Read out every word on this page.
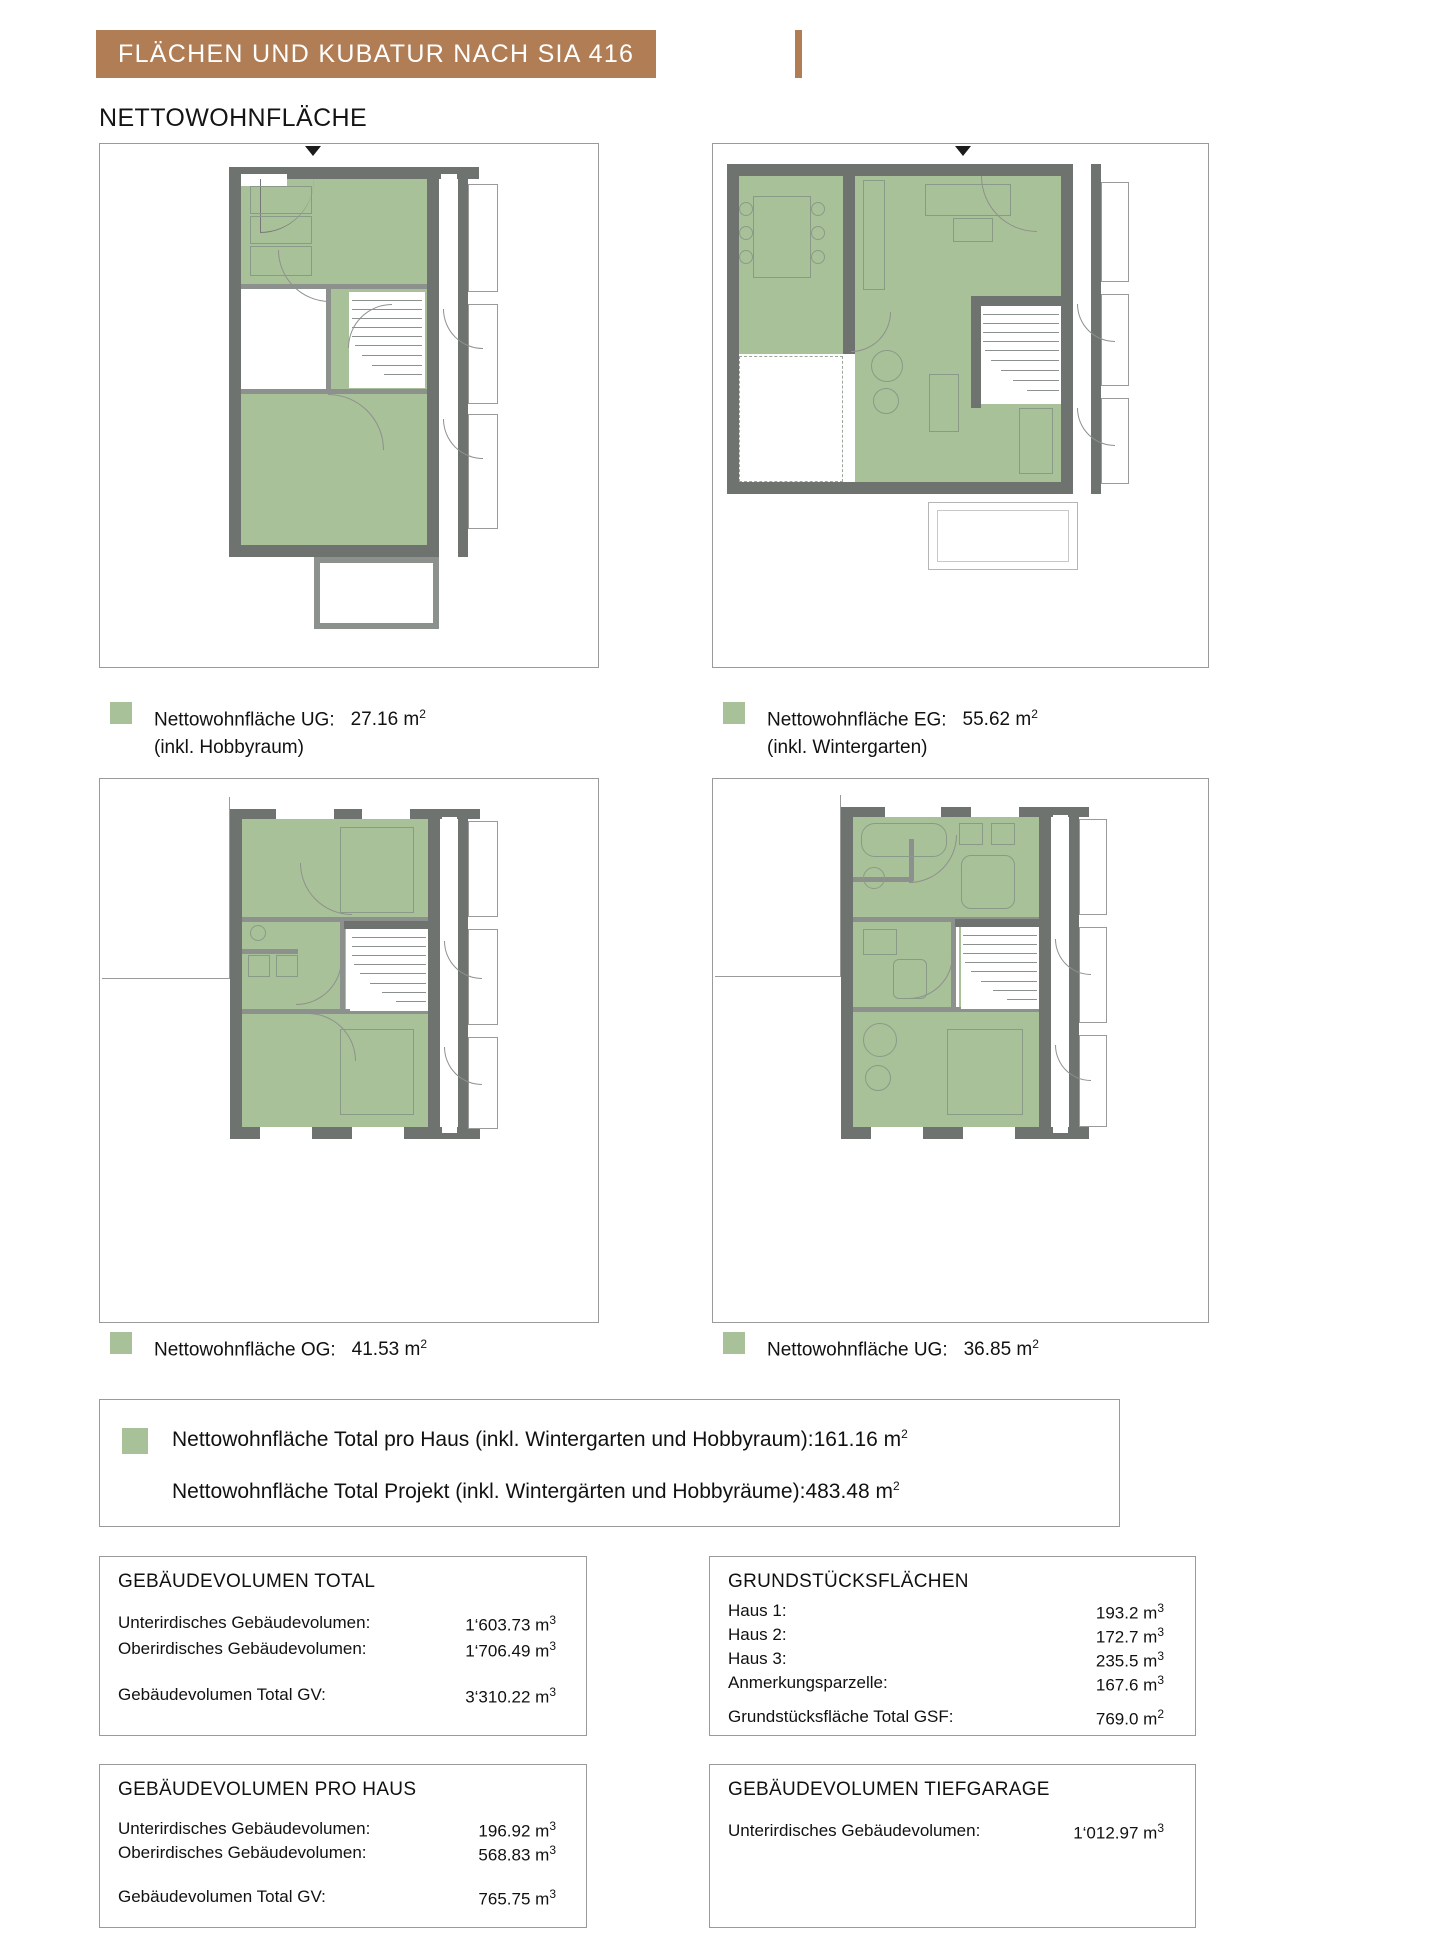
FLÄCHEN UND KUBATUR NACH SIA 416
NETTOWOHNFLÄCHE
Nettowohnfläche UG: 27.16 $m^2$
(inkl. Hobbyraum)
Nettowohnfläche EG: 55.62 $m^2$
(inkl. Wintergarten)
Nettowohnfläche OG: 41.53 $m^2$	Nettowohnfläche UG: 36.85 $m^2$
Nettowohnfläche Total pro Haus (inkl. Wintergarten und Hobbyraum):161.16 $m^2$
Nettowohnfläche Total Projekt (inkl. Wintergärten und Hobbyräume):483.48 $m^2$
GEBÄUDEVOLUMEN TOTAL
Unterirdisches Gebäudevolumen:	1‘603.73 $m^3$
Oberirdisches Gebäudevolumen:	1‘706.49 $m^3$
Gebäudevolumen Total GV:	3‘310.22 $m^3$
GRUNDSTÜCKSFLÄCHEN
Haus 1:	193.2 $m^3$
Haus 2:	172.7 $m^3$
Haus 3:	235.5 $m^3$
Anmerkungsparzelle:	167.6 $m^3$
Grundstücksfläche Total GSF:	769.0 $m^2$
GEBÄUDEVOLUMEN PRO HAUS
Unterirdisches Gebäudevolumen:	196.92 $m^3$
Oberirdisches Gebäudevolumen:	568.83 $m^3$
Gebäudevolumen Total GV:	765.75 $m^3$
GEBÄUDEVOLUMEN TIEFGARAGE
Unterirdisches Gebäudevolumen:	1‘012.97 $m^3$
